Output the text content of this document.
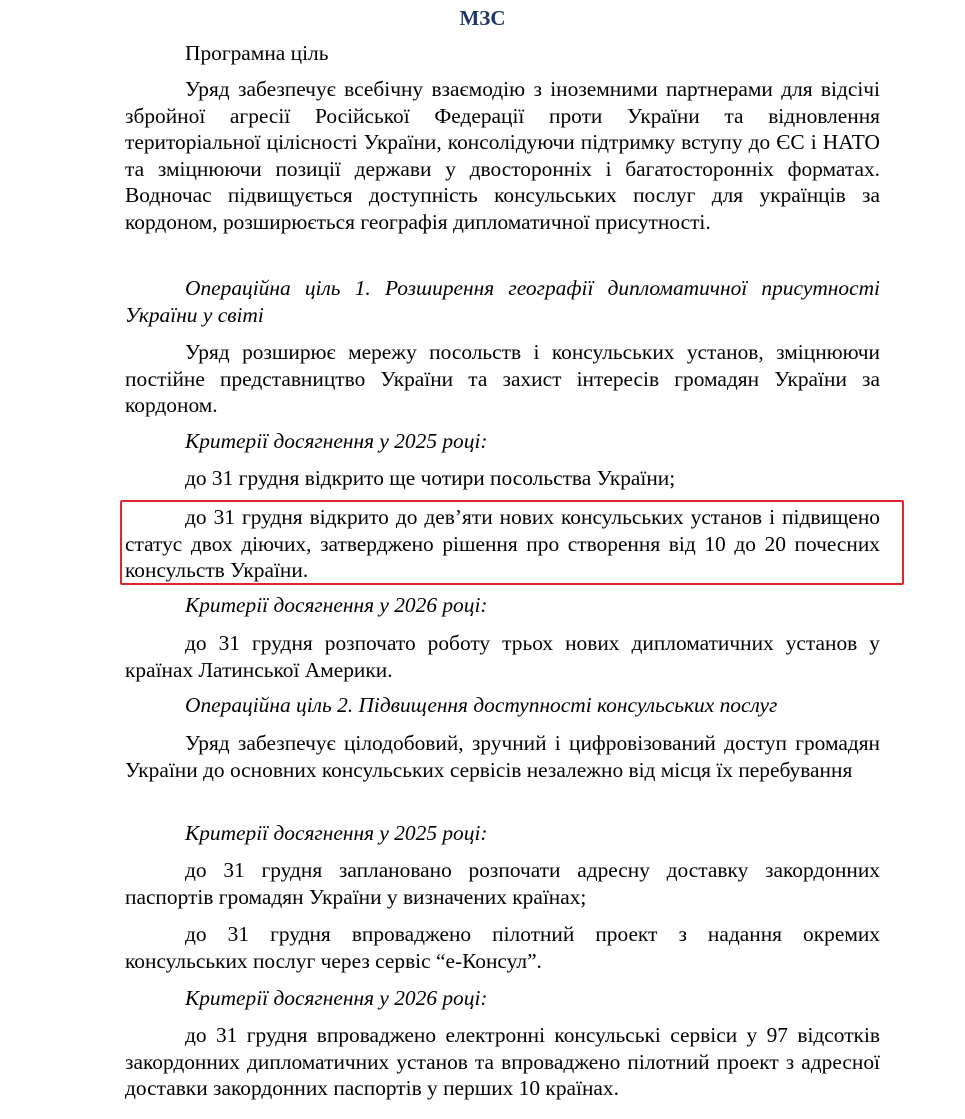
МЗС

Програмна ціль

Уряд забезпечує всебічну взаємодію з іноземними партнерами для відсічі збройної агресії Російської Федерації проти України та відновлення територіальної цілісності України, консолідуючи підтримку вступу до ЄС і НАТО та зміцнюючи позиції держави у двосторонніх і багатосторонніх форматах. Водночас підвищується доступність консульських послуг для українців за кордоном, розширюється географія дипломатичної присутності.

Операційна ціль 1. Розширення географії дипломатичної присутності України у світі

Уряд розширює мережу посольств і консульських установ, зміцнюючи постійне представництво України та захист інтересів громадян України за кордоном.

Критерії досягнення у 2025 році:

до 31 грудня відкрито ще чотири посольства України;

до 31 грудня відкрито до дев’яти нових консульських установ і підвищено статус двох діючих, затверджено рішення про створення від 10 до 20 почесних консульств України.

Критерії досягнення у 2026 році:

до 31 грудня розпочато роботу трьох нових дипломатичних установ у країнах Латинської Америки.

Операційна ціль 2. Підвищення доступності консульських послуг

Уряд забезпечує цілодобовий, зручний і цифровізований доступ громадян України до основних консульських сервісів незалежно від місця їх перебування

Критерії досягнення у 2025 році:

до 31 грудня заплановано розпочати адресну доставку закордонних паспортів громадян України у визначених країнах;

до 31 грудня впроваджено пілотний проект з надання окремих консульських послуг через сервіс “е-Консул”.

Критерії досягнення у 2026 році:

до 31 грудня впроваджено електронні консульські сервіси у 97 відсотків закордонних дипломатичних установ та впроваджено пілотний проект з адресної доставки закордонних паспортів у перших 10 країнах.
